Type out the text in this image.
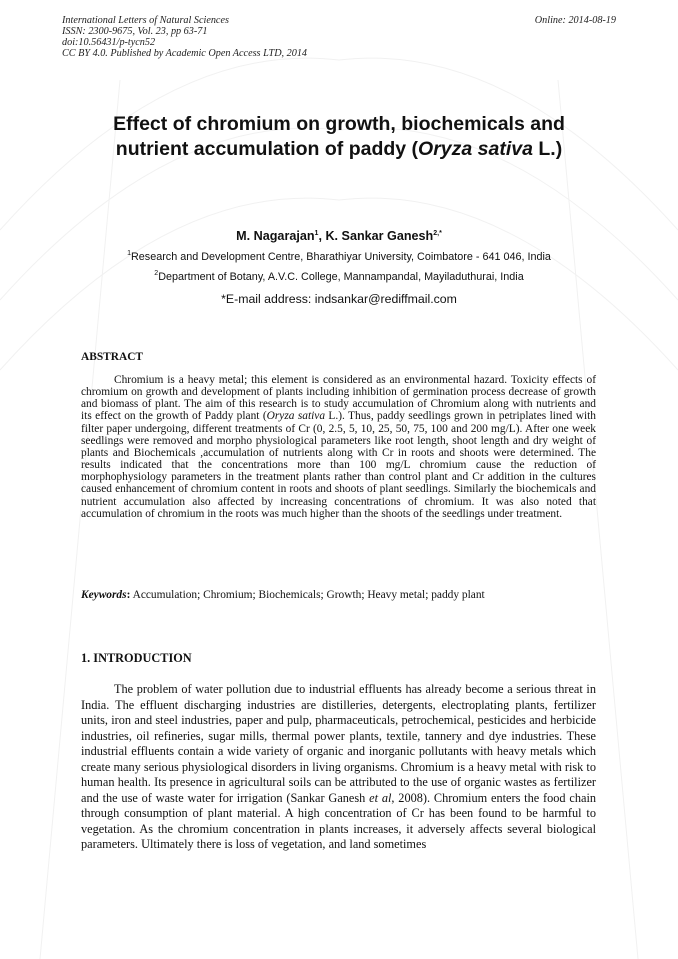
International Letters of Natural Sciences
ISSN: 2300-9675, Vol. 23, pp 63-71
doi:10.56431/p-tycn52
CC BY 4.0. Published by Academic Open Access LTD, 2014
Online: 2014-08-19
Effect of chromium on growth, biochemicals and
nutrient accumulation of paddy (Oryza sativa L.)
M. Nagarajan$^1$, K. Sankar Ganesh$^{2,*}$
$^1$Research and Development Centre, Bharathiyar University, Coimbatore - 641 046, India
$^2$Department of Botany, A.V.C. College, Mannampandal, Mayiladuthurai, India
*E-mail address: indsankar@rediffmail.com
ABSTRACT

Chromium is a heavy metal; this element is considered as an environmental hazard. Toxicity effects of chromium on growth and development of plants including inhibition of germination process decrease of growth and biomass of plant. The aim of this research is to study accumulation of Chromium along with nutrients and its effect on the growth of Paddy plant (Oryza sativa L.). Thus, paddy seedlings grown in petriplates lined with filter paper undergoing, different treatments of Cr (0, 2.5, 5, 10, 25, 50, 75, 100 and 200 mg/L). After one week seedlings were removed and morpho physiological parameters like root length, shoot length and dry weight of plants and Biochemicals ,accumulation of nutrients along with Cr in roots and shoots were determined. The results indicated that the concentrations more than 100 mg/L chromium cause the reduction of morphophysiology parameters in the treatment plants rather than control plant and Cr addition in the cultures caused enhancement of chromium content in roots and shoots of plant seedlings. Similarly the biochemicals and nutrient accumulation also affected by increasing concentrations of chromium. It was also noted that accumulation of chromium in the roots was much higher than the shoots of the seedlings under treatment.

Keywords: Accumulation; Chromium; Biochemicals; Growth; Heavy metal; paddy plant
1. INTRODUCTION

The problem of water pollution due to industrial effluents has already become a serious threat in India. The effluent discharging industries are distilleries, detergents, electroplating plants, fertilizer units, iron and steel industries, paper and pulp, pharmaceuticals, petrochemical, pesticides and herbicide industries, oil refineries, sugar mills, thermal power plants, textile, tannery and dye industries. These industrial effluents contain a wide variety of organic and inorganic pollutants with heavy metals which create many serious physiological disorders in living organisms. Chromium is a heavy metal with risk to human health. Its presence in agricultural soils can be attributed to the use of organic wastes as fertilizer and the use of waste water for irrigation (Sankar Ganesh et al, 2008). Chromium enters the food chain through consumption of plant material. A high concentration of Cr has been found to be harmful to vegetation. As the chromium concentration in plants increases, it adversely affects several biological parameters. Ultimately there is loss of vegetation, and land sometimes
